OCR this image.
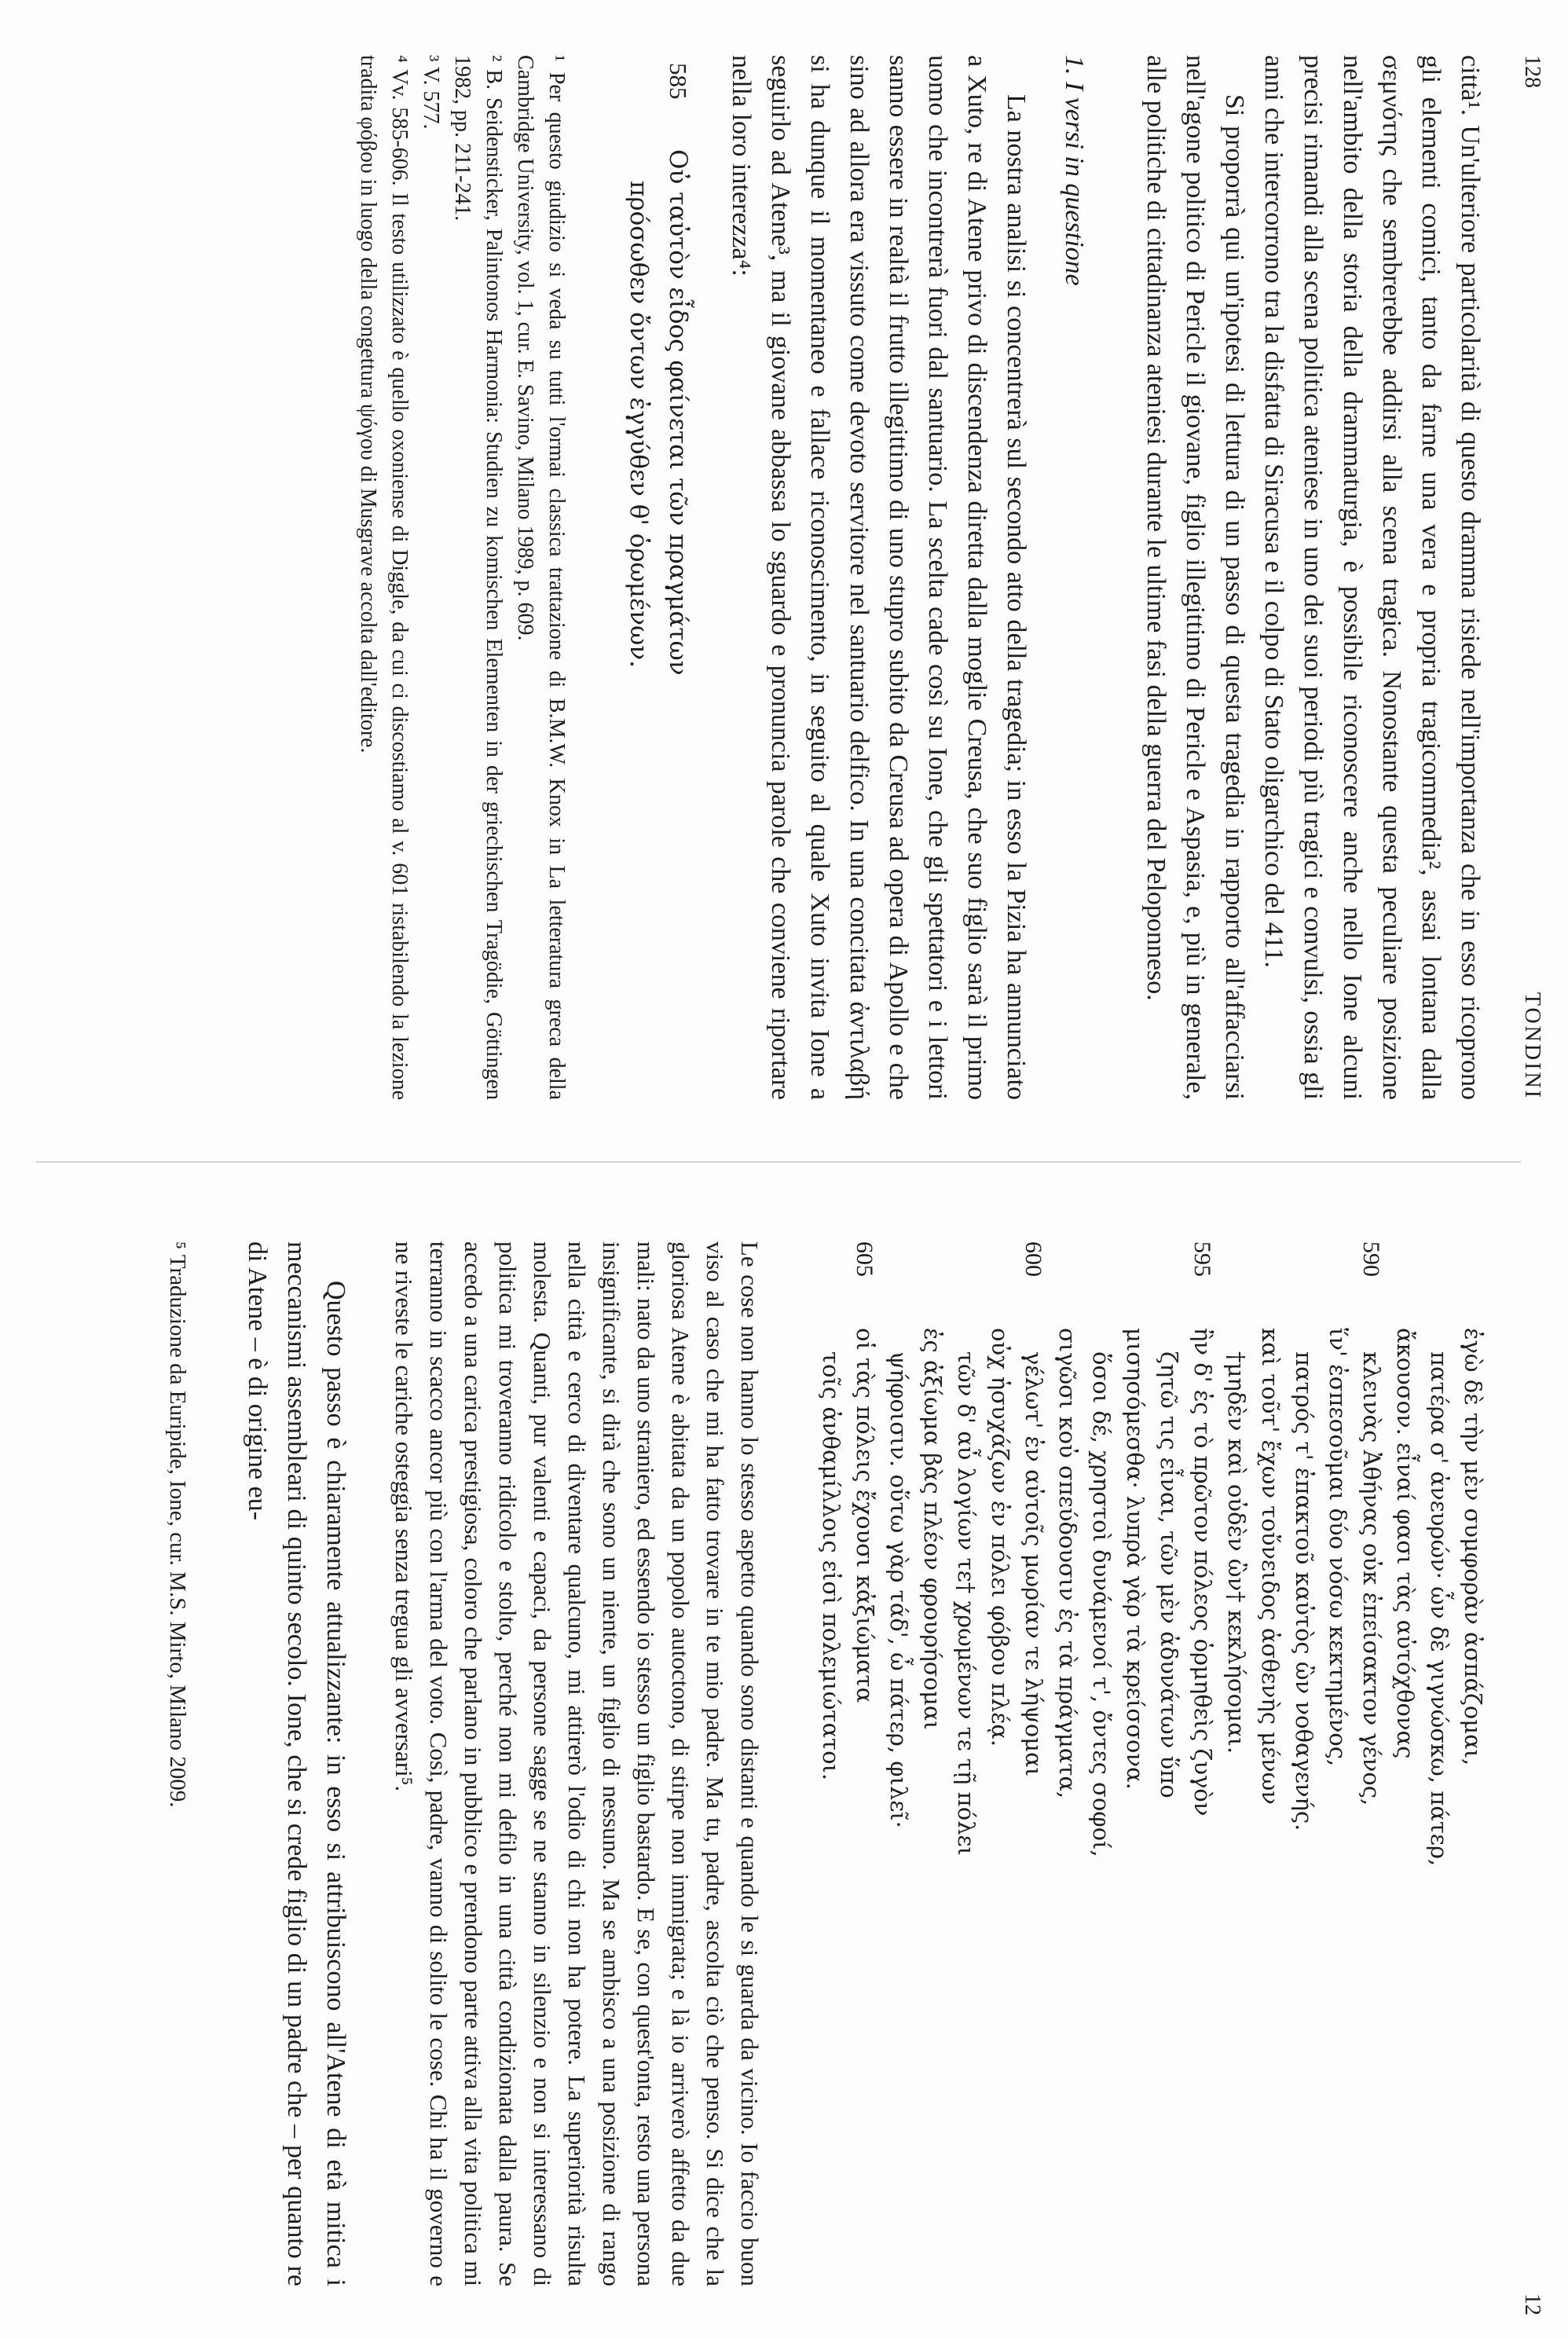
128
TONDINI

città¹. Un'ulteriore particolarità di questo dramma risiede nell'importanza che in esso ricoprono gli elementi comici, tanto da farne una vera e propria tragicommedia², assai lontana dalla σεμνότης che sembrerebbe addirsi alla scena tragica. Nonostante questa peculiare posizione nell'ambito della storia della drammaturgia, è possibile riconoscere anche nello Ione alcuni precisi rimandi alla scena politica ateniese in uno dei suoi periodi più tragici e convulsi, ossia gli anni che intercorrono tra la disfatta di Siracusa e il colpo di Stato oligarchico del 411.

Si proporrà qui un'ipotesi di lettura di un passo di questa tragedia in rapporto all'affacciarsi nell'agone politico di Pericle il giovane, figlio illegittimo di Pericle e Aspasia, e, più in generale, alle politiche di cittadinanza ateniesi durante le ultime fasi della guerra del Peloponneso.

1. I versi in questione

La nostra analisi si concentrerà sul secondo atto della tragedia; in esso la Pizia ha annunciato a Xuto, re di Atene privo di discendenza diretta dalla moglie Creusa, che suo figlio sarà il primo uomo che incontrerà fuori dal santuario. La scelta cade così su Ione, che gli spettatori e i lettori sanno essere in realtà il frutto illegittimo di uno stupro subito da Creusa ad opera di Apollo e che sino ad allora era vissuto come devoto servitore nel santuario delfico. In una concitata ἀντιλαβή si ha dunque il momentaneo e fallace riconoscimento, in seguito al quale Xuto invita Ione a seguirlo ad Atene³, ma il giovane abbassa lo sguardo e pronuncia parole che conviene riportare nella loro interezza⁴:

585
Οὐ ταὐτὸν εἶδος φαίνεται τῶν πραγμάτων
πρόσωθεν ὄντων ἐγγύθεν θ' ὁρωμένων.

¹ Per questo giudizio si veda su tutti l'ormai classica trattazione di B.M.W. Knox in La letteratura greca della Cambridge University, vol. 1, cur. E. Savino, Milano 1989, p. 609.

² B. Seidensticker, Palintonos Harmonia: Studien zu komischen Elementen in der griechischen Tragödie, Göttingen 1982, pp. 211-241.

³ V. 577.

⁴ Vv. 585-606. Il testo utilizzato è quello oxoniense di Diggle, da cui ci discostiamo al v. 601 ristabilendo la lezione tradita φόβου in luogo della congettura ψόγου di Musgrave accolta dall'editore.

12
ἐγὼ δὲ τὴν μὲν συμφορὰν ἀσπάζομαι,
πατέρα σ' ἀνευρών· ὧν δὲ γιγνώσκω, πάτερ,
ἄκουσον. εἶναί φασι τὰς αὐτόχθονας
590
κλεινὰς Ἀθήνας οὐκ ἐπείσακτον γένος,
ἵν' ἐσπεσοῦμαι δύο νόσω κεκτημένος,
πατρός τ' ἐπακτοῦ καὐτὸς ὢν νοθαγενής.
καὶ τοῦτ' ἔχων τοὔνειδος ἀσθενὴς μένων
†μηδὲν καὶ οὐδὲν ὢν† κεκλήσομαι.
595
ἢν δ' ἐς τὸ πρῶτον πόλεος ὁρμηθεὶς ζυγὸν
ζητῶ τις εἶναι, τῶν μὲν ἀδυνάτων ὕπο
μισησόμεσθα· λυπρὰ γὰρ τὰ κρείσσονα.
ὅσοι δέ, χρηστοὶ δυνάμενοί τ', ὄντες σοφοί,
σιγῶσι κοὐ σπεύδουσιν ἐς τὰ πράγματα,
600
γέλωτ' ἐν αὐτοῖς μωρίαν τε λήψομαι
οὐχ ἡσυχάζων ἐν πόλει φόβου πλέᾳ.
τῶν δ' αὖ λογίων τε† χρωμένων τε τῇ πόλει
ἐς ἀξίωμα βὰς πλέον φρουρήσομαι
ψήφοισιν. οὕτω γὰρ τάδ', ὦ πάτερ, φιλεῖ·
605
οἱ τὰς πόλεις ἔχουσι κἀξιώματα
τοῖς ἀνθαμίλλοις εἰσὶ πολεμιώτατοι.

Le cose non hanno lo stesso aspetto quando sono distanti e quando le si guarda da vicino. Io faccio buon viso al caso che mi ha fatto trovare in te mio padre. Ma tu, padre, ascolta ciò che penso. Si dice che la gloriosa Atene è abitata da un popolo autoctono, di stirpe non immigrata; e là io arriverò affetto da due mali: nato da uno straniero, ed essendo io stesso un figlio bastardo. E se, con quest'onta, resto una persona insignificante, si dirà che sono un niente, un figlio di nessuno. Ma se ambisco a una posizione di rango nella città e cerco di diventare qualcuno, mi attirerò l'odio di chi non ha potere. La superiorità risulta molesta. Quanti, pur valenti e capaci, da persone sagge se ne stanno in silenzio e non si interessano di politica mi troveranno ridicolo e stolto, perché non mi defilo in una città condizionata dalla paura. Se accedo a una carica prestigiosa, coloro che parlano in pubblico e prendono parte attiva alla vita politica mi terranno in scacco ancor più con l'arma del voto. Così, padre, vanno di solito le cose. Chi ha il governo e ne riveste le cariche osteggia senza tregua gli avversari⁵.

Questo passo è chiaramente attualizzante: in esso si attribuiscono all'Atene di età mitica i meccanismi assembleari di quinto secolo. Ione, che si crede figlio di un padre che – per quanto re di Atene – è di origine eu-

⁵ Traduzione da Euripide, Ione, cur. M.S. Mirto, Milano 2009.
